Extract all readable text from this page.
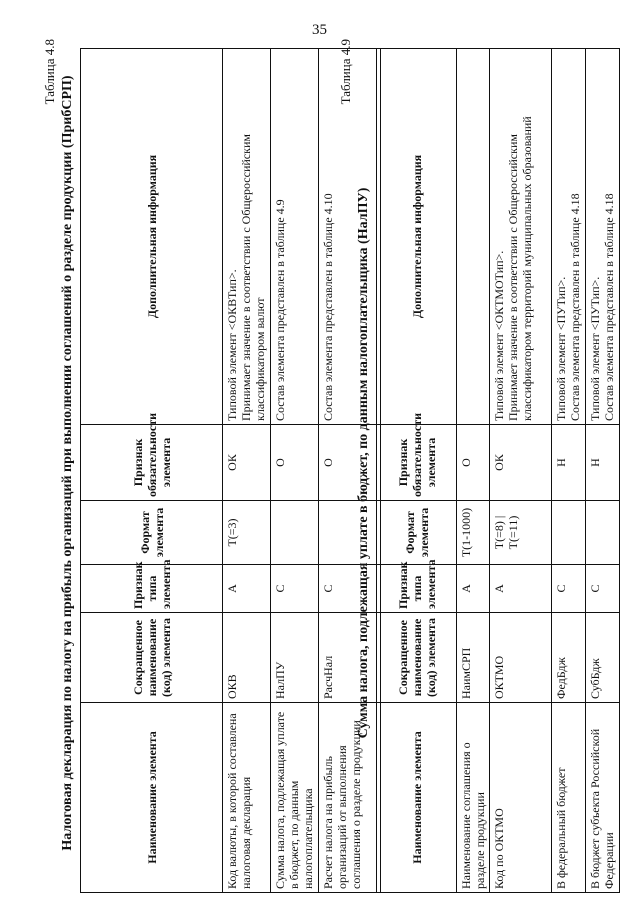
35
Таблица 4.8
Налоговая декларация по налогу на прибыль организаций при выполнении соглашений о разделе продукции (ПрибСРП)	Наименование элемента	Сокращенное наименование (код) элемента	Признак типа элемента	Формат элемента	Признак обязательности элемента	Дополнительная информация
Код валюты, в которой составлена налоговая декларация	ОКВ	А	T(=3)	ОК	Типовой элемент <ОКВТип>.
Принимает значение в соответствии с Общероссийским классификатором валют
Сумма налога, подлежащая уплате в бюджет, по данным налогоплательщика	НалПУ	С		О	Состав элемента представлен в таблице 4.9
Расчет налога на прибыль организаций от выполнения соглашения о разделе продукции	РасчНал	С		О	Состав элемента представлен в таблице 4.10
Таблица 4.9
Сумма налога, подлежащая уплате в бюджет, по данным налогоплательщика (НалПУ)
Наименование элемента	Сокращенное наименование (код) элемента	Признак типа элемента	Формат элемента	Признак обязательности элемента	Дополнительная информация
Наименование соглашения о разделе продукции	НаимСРП	А	T(1-1000)	О	
Код по ОКТМО	ОКТМО	А	T(=8) | T(=11)	ОК	Типовой элемент <ОКТМОТип>.
Принимает значение в соответствии с Общероссийским классификатором территорий муниципальных образований
В федеральный бюджет	ФедБдж	С		Н	Типовой элемент <ПУТип>.
Состав элемента представлен в таблице 4.18
В бюджет субъекта Российской Федерации	СубБдж	С		Н	Типовой элемент <ПУТип>.
Состав элемента представлен в таблице 4.18
